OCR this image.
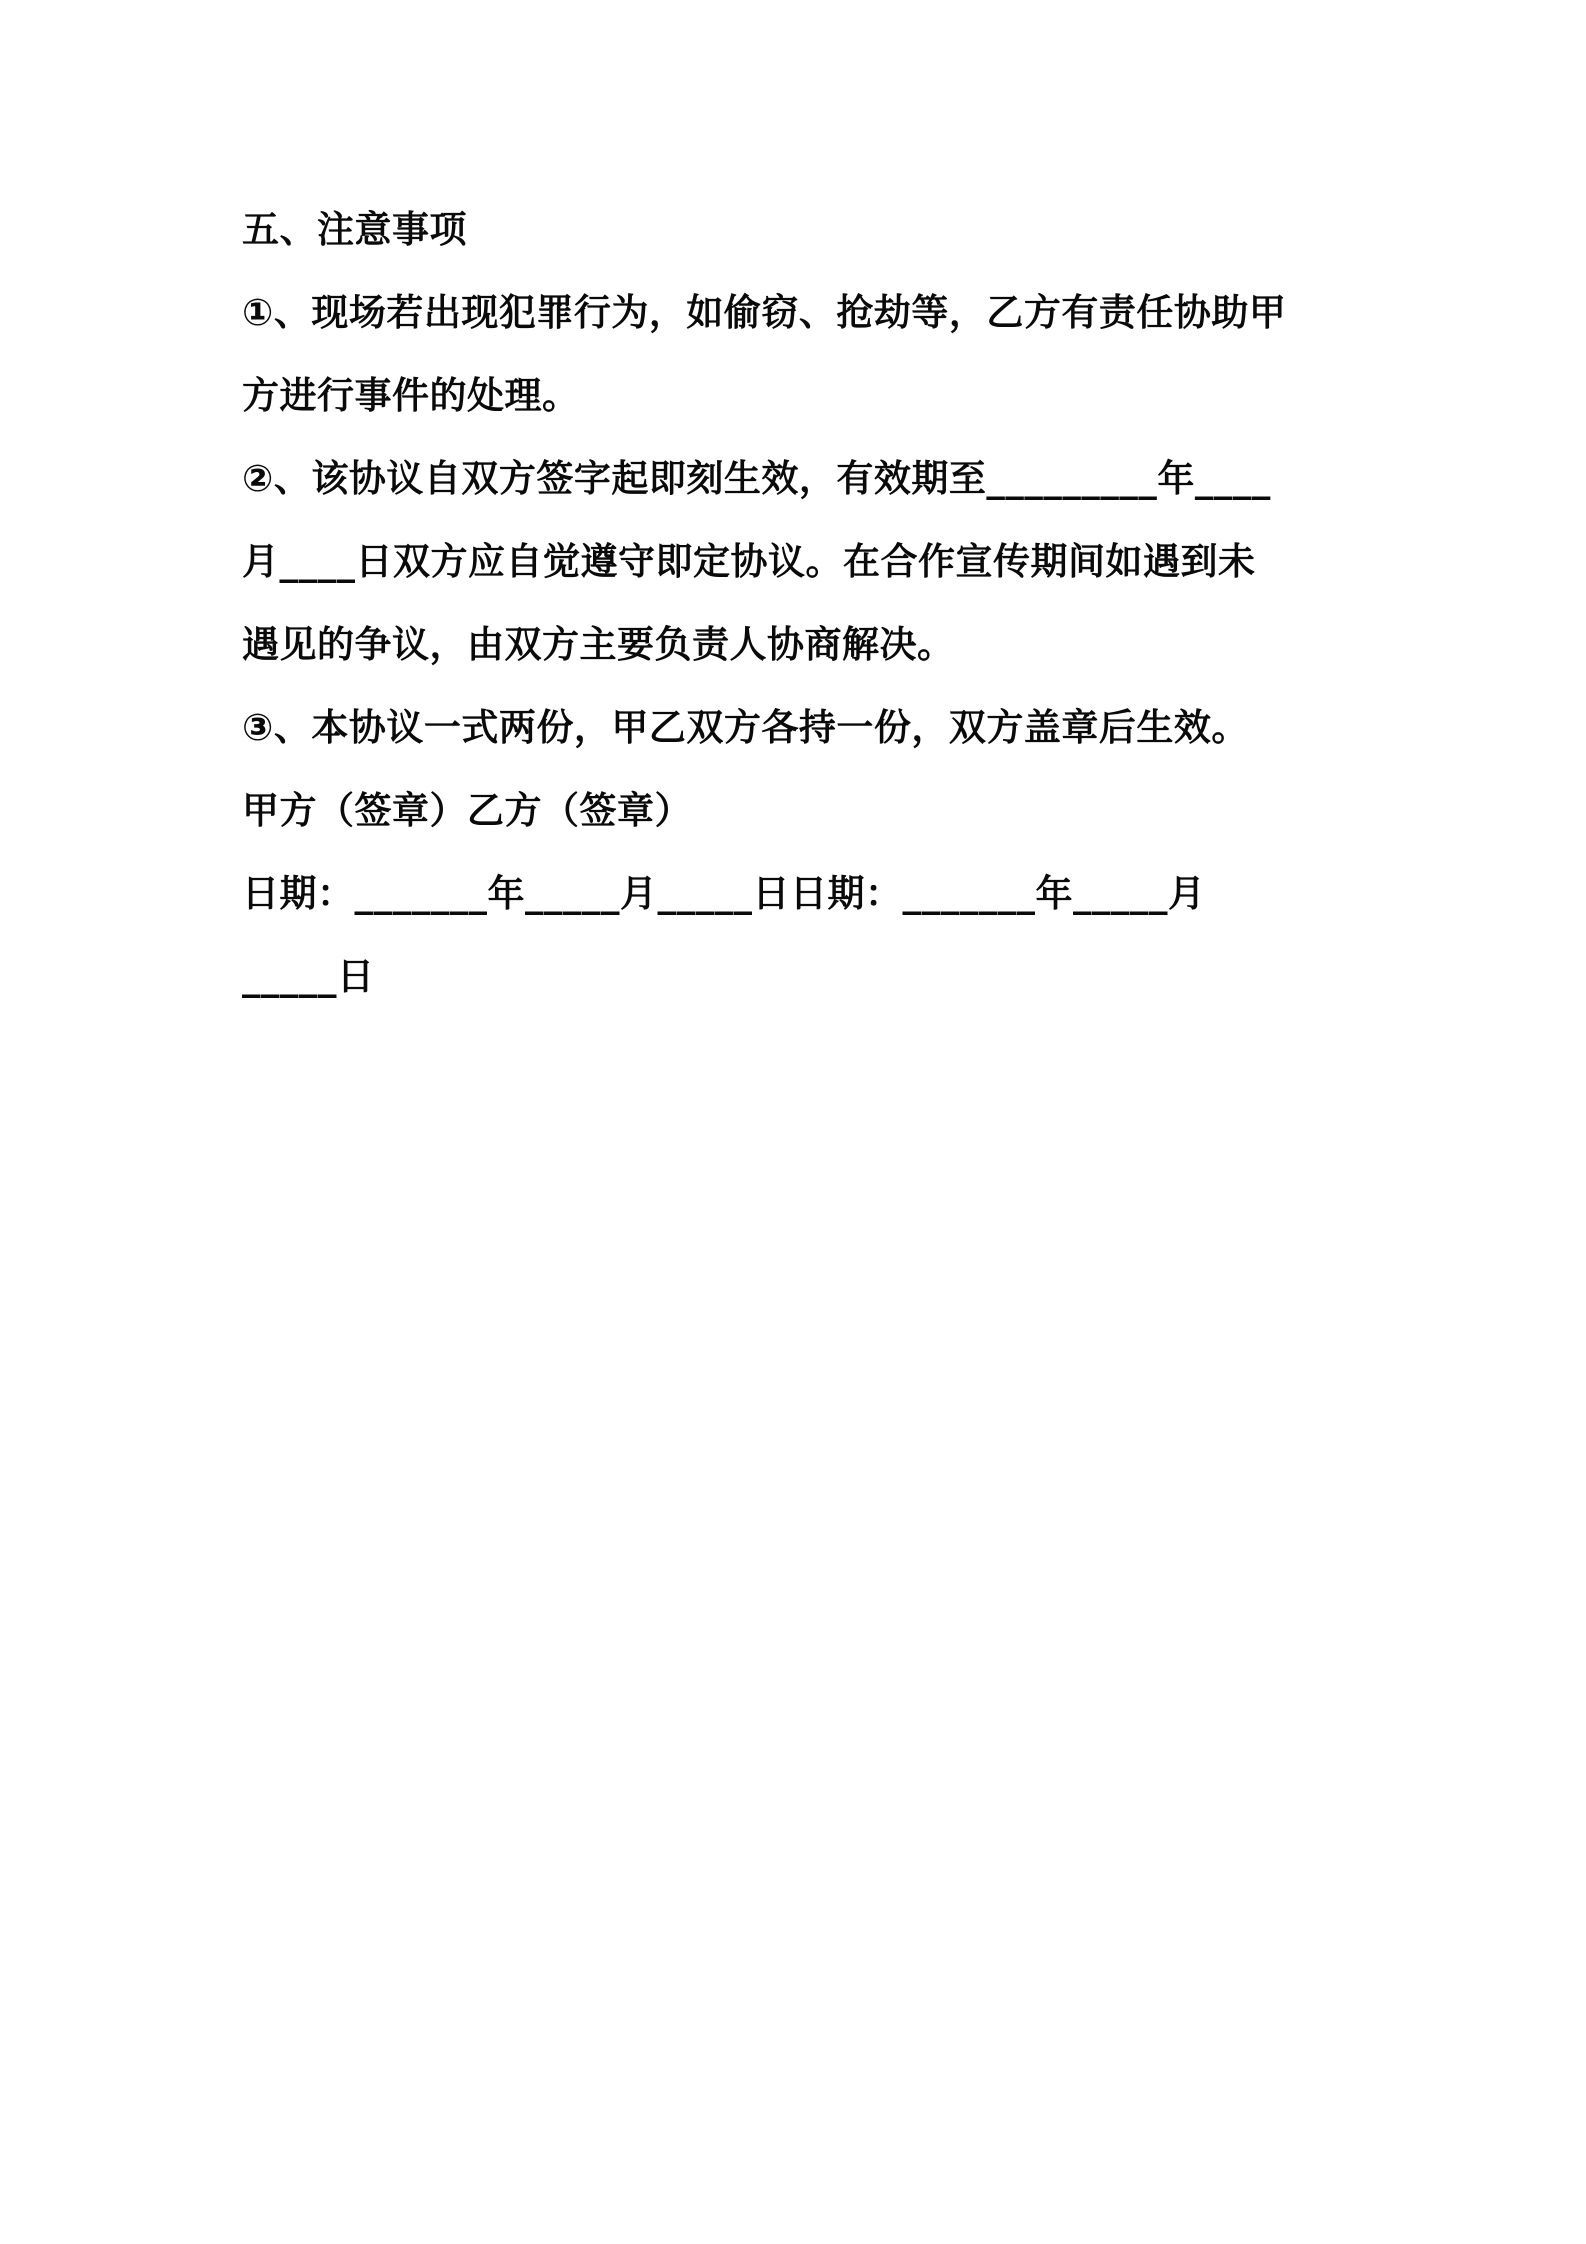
五、注意事项
①、现场若出现犯罪行为，如偷窃、抢劫等，乙方有责任协助甲
方进行事件的处理。
②、该协议自双方签字起即刻生效，有效期至_________年____
月____日双方应自觉遵守即定协议。在合作宣传期间如遇到未
遇见的争议，由双方主要负责人协商解决。
③、本协议一式两份，甲乙双方各持一份，双方盖章后生效。
甲方（签章）乙方（签章）
日期：_______年_____月_____日日期：_______年_____月
_____日
